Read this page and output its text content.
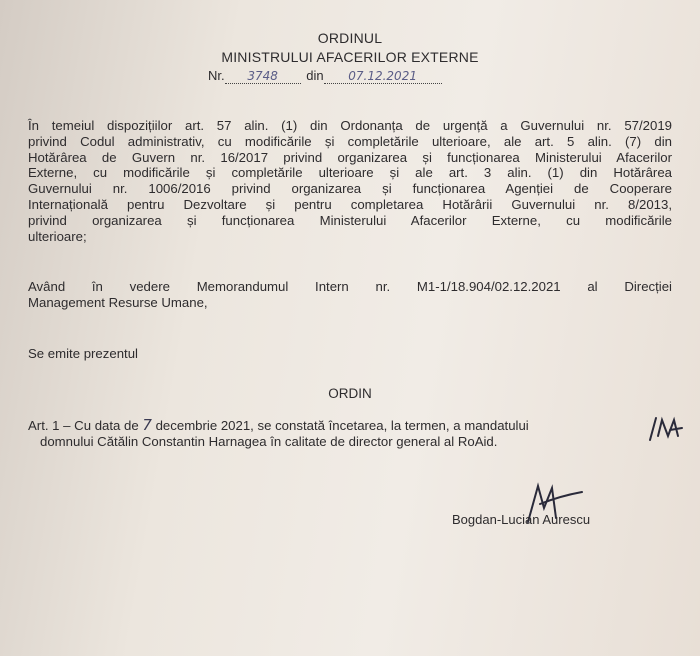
ORDINUL
MINISTRULUI AFACERILOR EXTERNE
Nr. 3748 din 07.12.2021
În temeiul dispozițiilor art. 57 alin. (1) din Ordonanța de urgență a Guvernului nr. 57/2019
privind Codul administrativ, cu modificările și completările ulterioare, ale art. 5 alin. (7) din
Hotărârea de Guvern nr. 16/2017 privind organizarea și funcționarea Ministerului Afacerilor
Externe, cu modificările și completările ulterioare și ale art. 3 alin. (1) din Hotărârea
Guvernului nr. 1006/2016 privind organizarea și funcționarea Agenției de Cooperare
Internațională pentru Dezvoltare și pentru completarea Hotărârii Guvernului nr. 8/2013,
privind organizarea și funcționarea Ministerului Afacerilor Externe, cu modificările
ulterioare;
Având în vedere Memorandumul Intern nr. M1-1/18.904/02.12.2021 al Direcției
Management Resurse Umane,
Se emite prezentul
ORDIN
Art. 1 – Cu data de 7 decembrie 2021, se constată încetarea, la termen, a mandatului
domnului Cătălin Constantin Harnagea în calitate de director general al RoAid.
Bogdan-Lucian Aurescu
